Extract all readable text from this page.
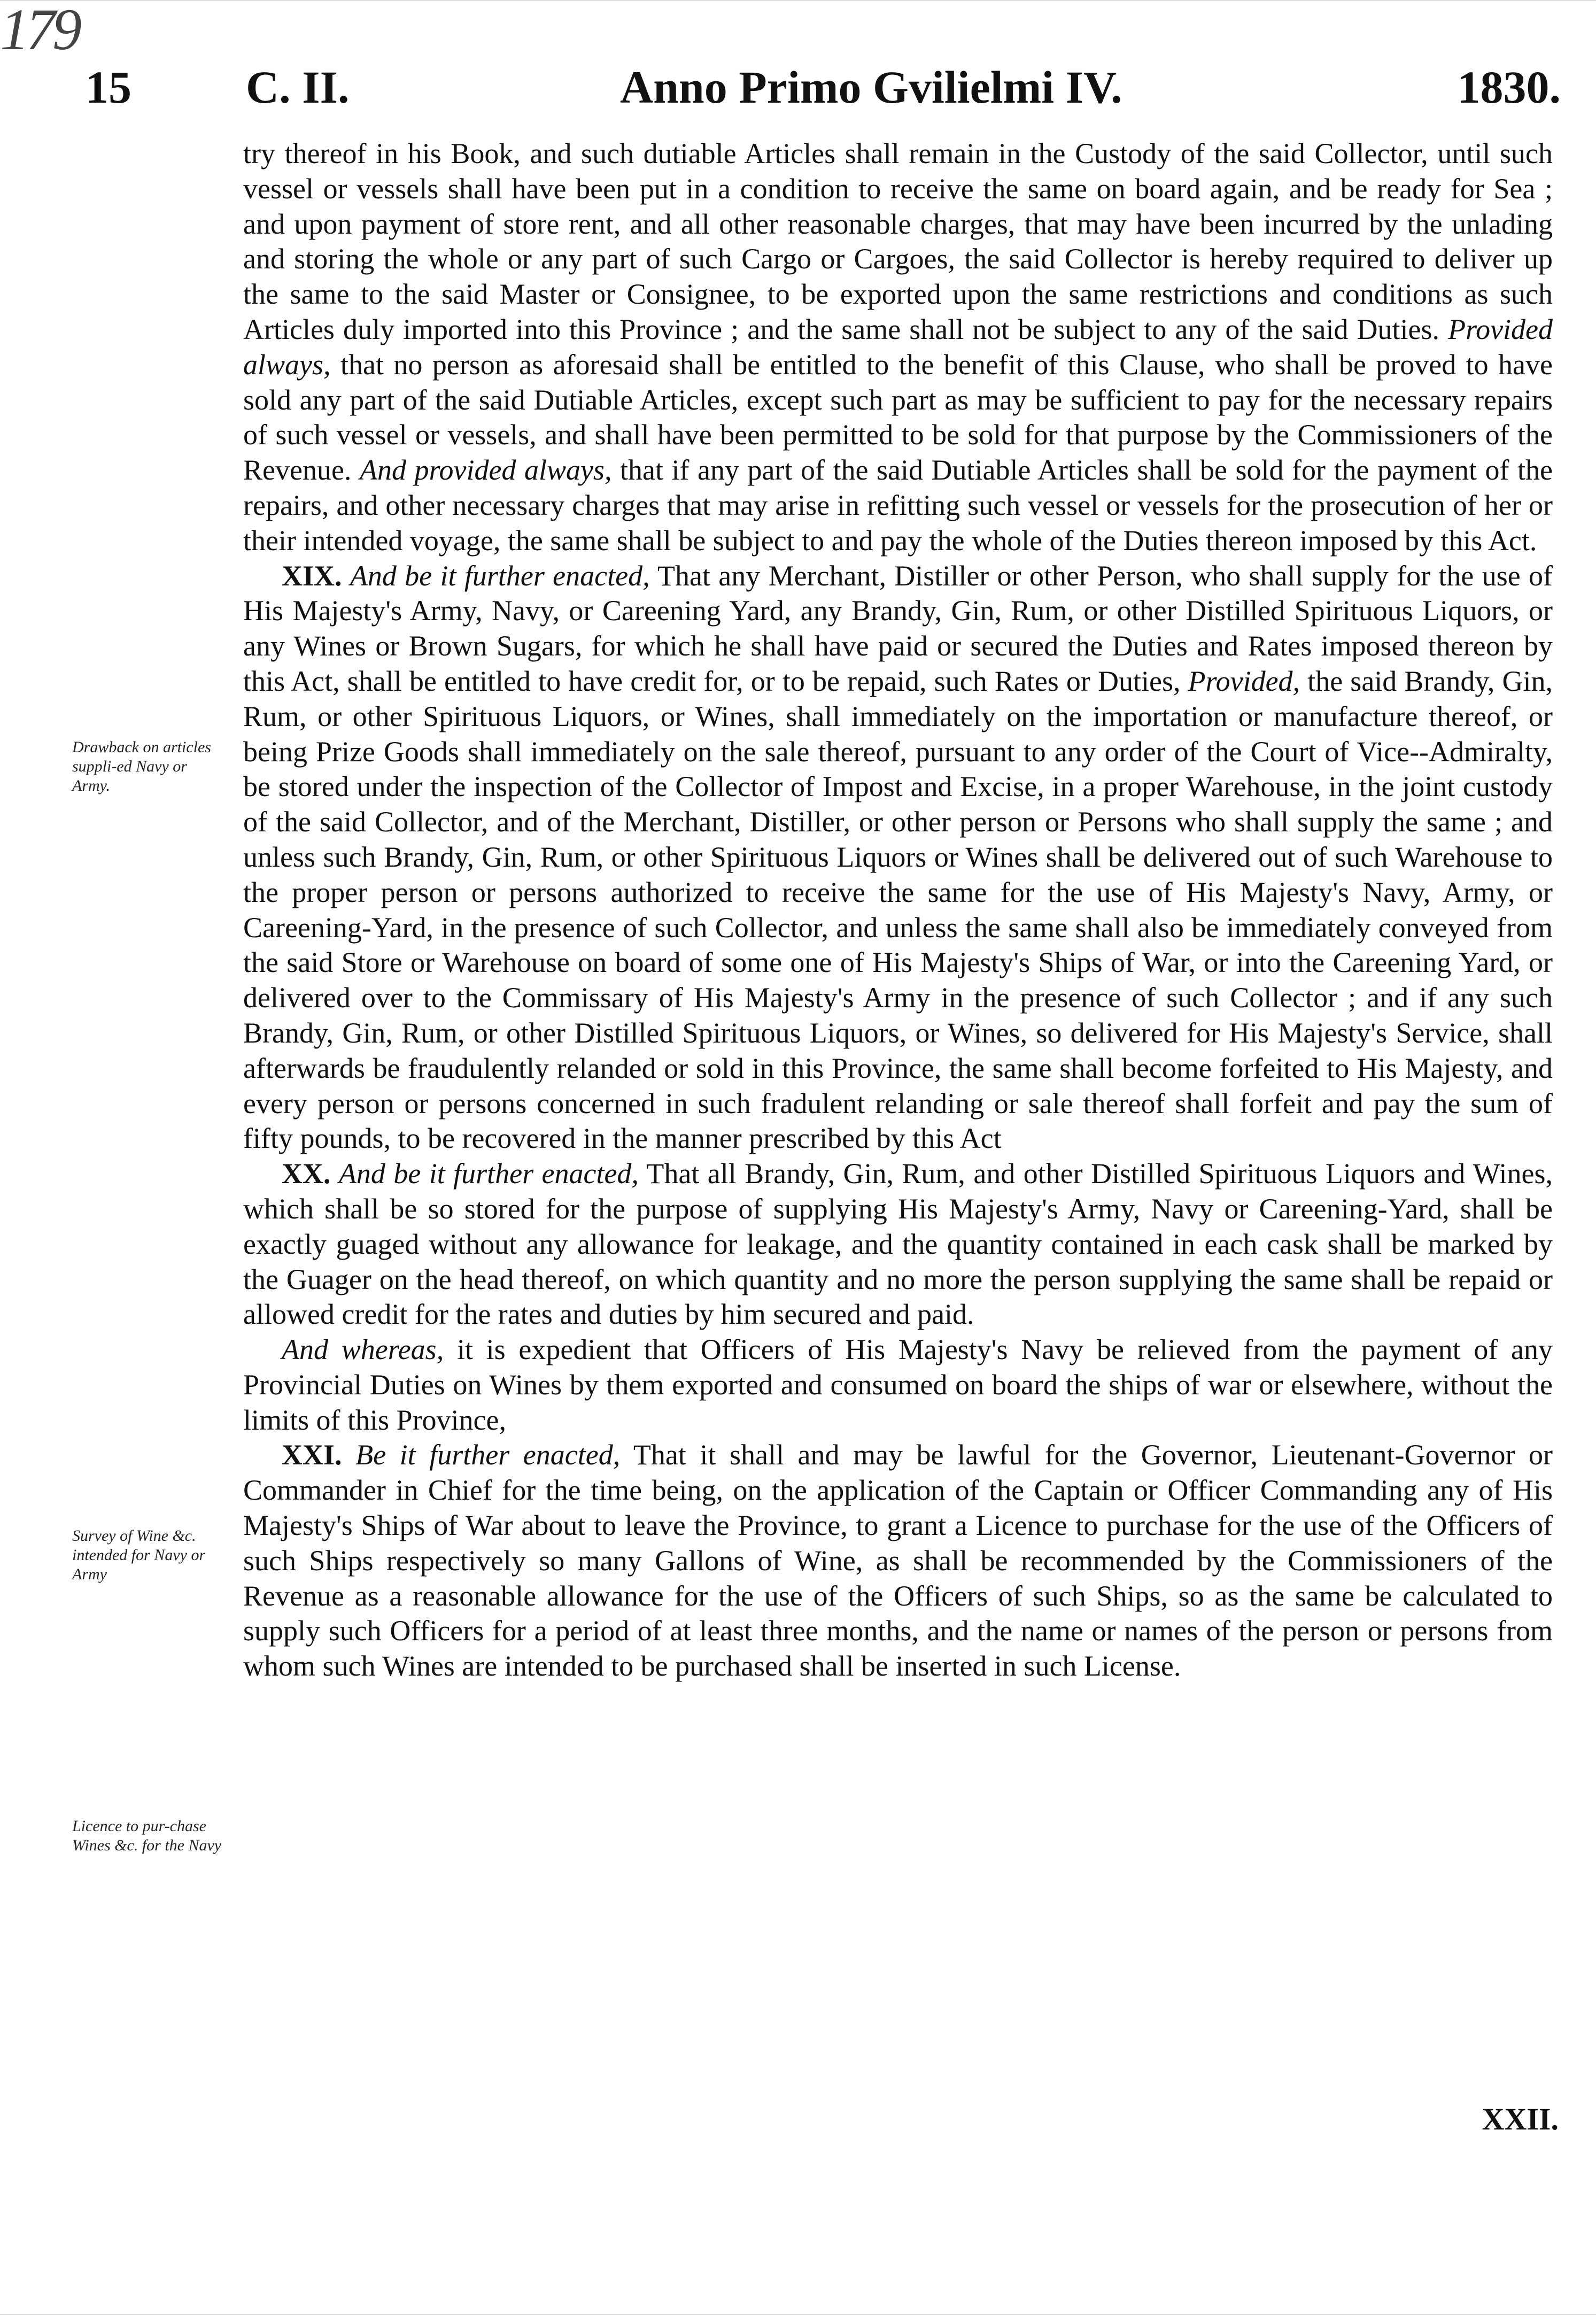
179
15 C. II.	Anno Primo Gvilielmi IV.	1830.
Drawback on articles suppli-ed Navy or Army.
Survey of Wine &c. intended for Navy or Army
Licence to pur-chase Wines &c. for the Navy

try thereof in his Book, and such dutiable Articles shall remain in the Custody of the said Collector, until such vessel or vessels shall have been put in a condition to receive the same on board again, and be ready for Sea ; and upon payment of store rent, and all other reasonable charges, that may have been incurred by the unlading and storing the whole or any part of such Cargo or Cargoes, the said Collector is hereby required to deliver up the same to the said Master or Consignee, to be exported upon the same restrictions and conditions as such Articles duly imported into this Province ; and the same shall not be subject to any of the said Duties. Provided always, that no person as aforesaid shall be entitled to the benefit of this Clause, who shall be proved to have sold any part of the said Dutiable Articles, except such part as may be sufficient to pay for the necessary repairs of such vessel or vessels, and shall have been permitted to be sold for that purpose by the Commissioners of the Revenue. And provided always, that if any part of the said Dutiable Articles shall be sold for the payment of the repairs, and other necessary charges that may arise in refitting such vessel or vessels for the prosecution of her or their intended voyage, the same shall be subject to and pay the whole of the Duties thereon imposed by this Act.

XIX. And be it further enacted, That any Merchant, Distiller or other Person, who shall supply for the use of His Majesty's Army, Navy, or Careening Yard, any Brandy, Gin, Rum, or other Distilled Spirituous Liquors, or any Wines or Brown Sugars, for which he shall have paid or secured the Duties and Rates imposed thereon by this Act, shall be entitled to have credit for, or to be repaid, such Rates or Duties, Provided, the said Brandy, Gin, Rum, or other Spirituous Liquors, or Wines, shall immediately on the importation or manufacture thereof, or being Prize Goods shall immediately on the sale thereof, pursuant to any order of the Court of Vice--Admiralty, be stored under the inspection of the Collector of Impost and Excise, in a proper Warehouse, in the joint custody of the said Collector, and of the Merchant, Distiller, or other person or Persons who shall supply the same ; and unless such Brandy, Gin, Rum, or other Spirituous Liquors or Wines shall be delivered out of such Warehouse to the proper person or persons authorized to receive the same for the use of His Majesty's Navy, Army, or Careening-Yard, in the presence of such Collector, and unless the same shall also be immediately conveyed from the said Store or Warehouse on board of some one of His Majesty's Ships of War, or into the Careening Yard, or delivered over to the Commissary of His Majesty's Army in the presence of such Collector ; and if any such Brandy, Gin, Rum, or other Distilled Spirituous Liquors, or Wines, so delivered for His Majesty's Service, shall afterwards be fraudulently relanded or sold in this Province, the same shall become forfeited to His Majesty, and every person or persons concerned in such fradulent relanding or sale thereof shall forfeit and pay the sum of fifty pounds, to be recovered in the manner prescribed by this Act

XX. And be it further enacted, That all Brandy, Gin, Rum, and other Distilled Spirituous Liquors and Wines, which shall be so stored for the purpose of supplying His Majesty's Army, Navy or Careening-Yard, shall be exactly guaged without any allowance for leakage, and the quantity contained in each cask shall be marked by the Guager on the head thereof, on which quantity and no more the person supplying the same shall be repaid or allowed credit for the rates and duties by him secured and paid.

And whereas, it is expedient that Officers of His Majesty's Navy be relieved from the payment of any Provincial Duties on Wines by them exported and consumed on board the ships of war or elsewhere, without the limits of this Province,

XXI. Be it further enacted, That it shall and may be lawful for the Governor, Lieutenant-Governor or Commander in Chief for the time being, on the application of the Captain or Officer Commanding any of His Majesty's Ships of War about to leave the Province, to grant a Licence to purchase for the use of the Officers of such Ships respectively so many Gallons of Wine, as shall be recommended by the Commissioners of the Revenue as a reasonable allowance for the use of the Officers of such Ships, so as the same be calculated to supply such Officers for a period of at least three months, and the name or names of the person or persons from whom such Wines are intended to be purchased shall be inserted in such License.

XXII.
